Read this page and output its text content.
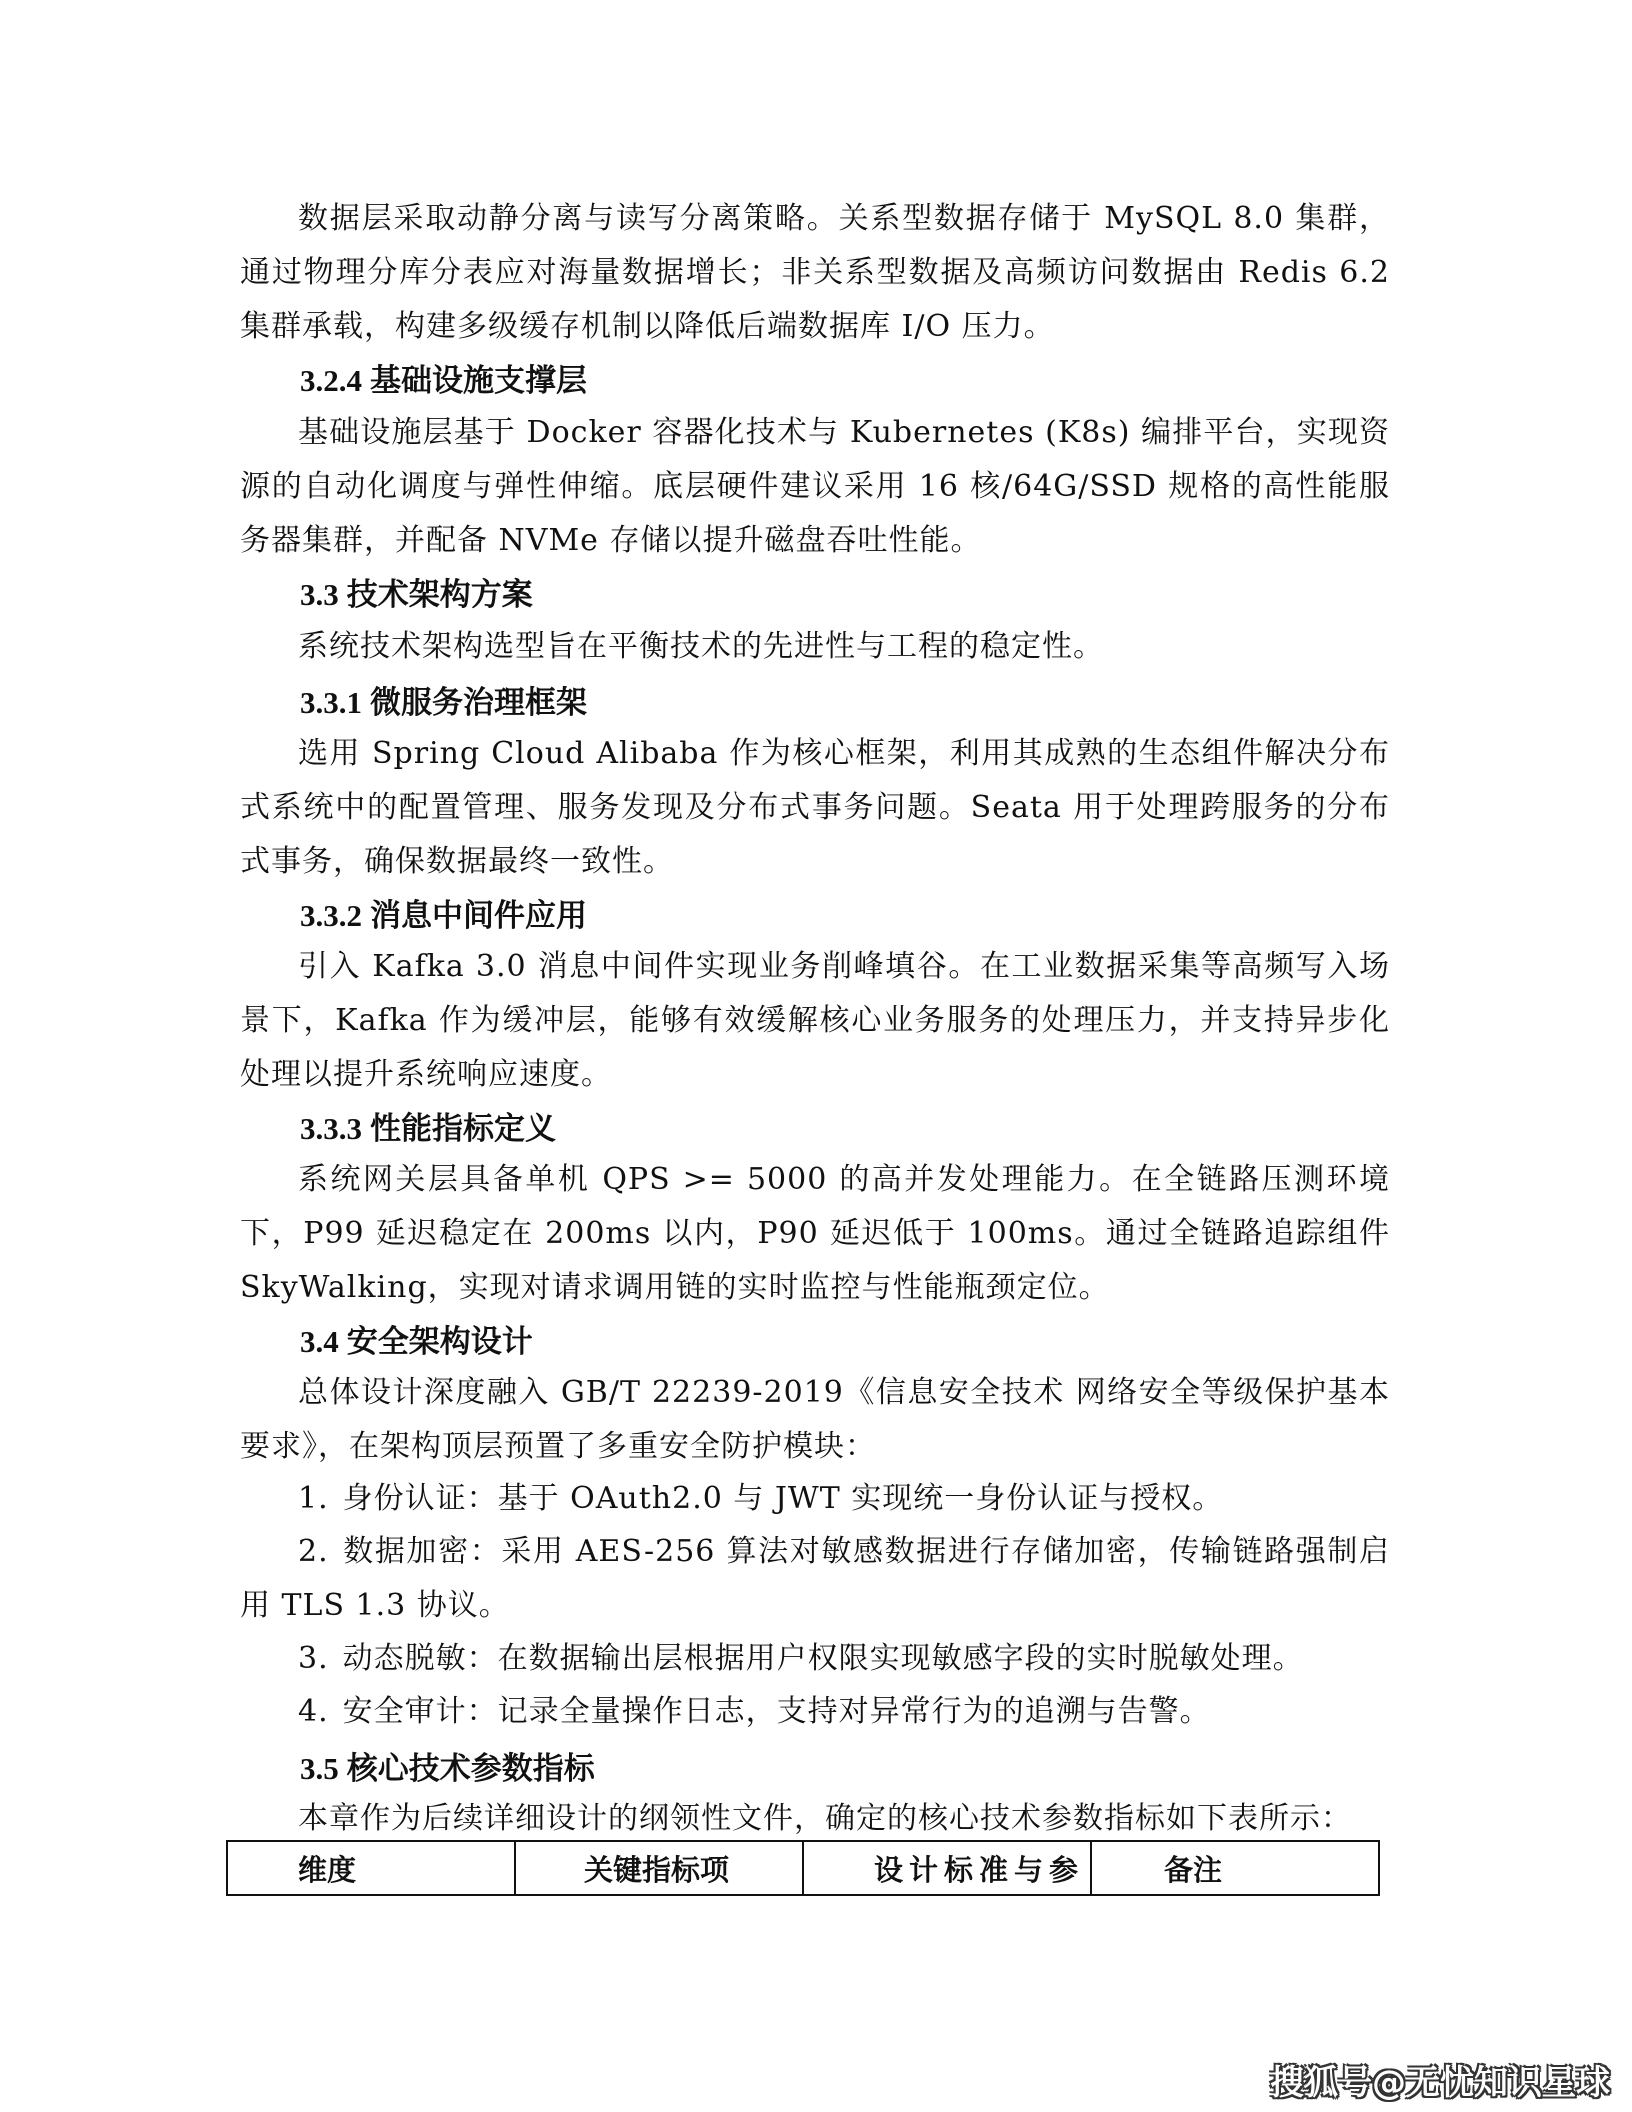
数据层采取动静分离与读写分离策略。关系型数据存储于 MySQL 8.0 集群，通过物理分库分表应对海量数据增长；非关系型数据及高频访问数据由 Redis 6.2 集群承载，构建多级缓存机制以降低后端数据库 I/O 压力。

3.2.4 基础设施支撑层

基础设施层基于 Docker 容器化技术与 Kubernetes (K8s) 编排平台，实现资源的自动化调度与弹性伸缩。底层硬件建议采用 16 核/64G/SSD 规格的高性能服务器集群，并配备 NVMe 存储以提升磁盘吞吐性能。

3.3 技术架构方案

系统技术架构选型旨在平衡技术的先进性与工程的稳定性。

3.3.1 微服务治理框架

选用 Spring Cloud Alibaba 作为核心框架，利用其成熟的生态组件解决分布式系统中的配置管理、服务发现及分布式事务问题。Seata 用于处理跨服务的分布式事务，确保数据最终一致性。

3.3.2 消息中间件应用

引入 Kafka 3.0 消息中间件实现业务削峰填谷。在工业数据采集等高频写入场景下，Kafka 作为缓冲层，能够有效缓解核心业务服务的处理压力，并支持异步化处理以提升系统响应速度。

3.3.3 性能指标定义

系统网关层具备单机 QPS >= 5000 的高并发处理能力。在全链路压测环境下，P99 延迟稳定在 200ms 以内，P90 延迟低于 100ms。通过全链路追踪组件 SkyWalking，实现对请求调用链的实时监控与性能瓶颈定位。

3.4 安全架构设计

总体设计深度融入 GB/T 22239-2019《信息安全技术 网络安全等级保护基本要求》，在架构顶层预置了多重安全防护模块：

1. 身份认证：基于 OAuth2.0 与 JWT 实现统一身份认证与授权。
2. 数据加密：采用 AES-256 算法对敏感数据进行存储加密，传输链路强制启用 TLS 1.3 协议。
3. 动态脱敏：在数据输出层根据用户权限实现敏感字段的实时脱敏处理。
4. 安全审计：记录全量操作日志，支持对异常行为的追溯与告警。
3.5 核心技术参数指标

本章作为后续详细设计的纲领性文件，确定的核心技术参数指标如下表所示：

维度	关键指标项	设计标准与参	备注
搜狐号@无忧知识星球
